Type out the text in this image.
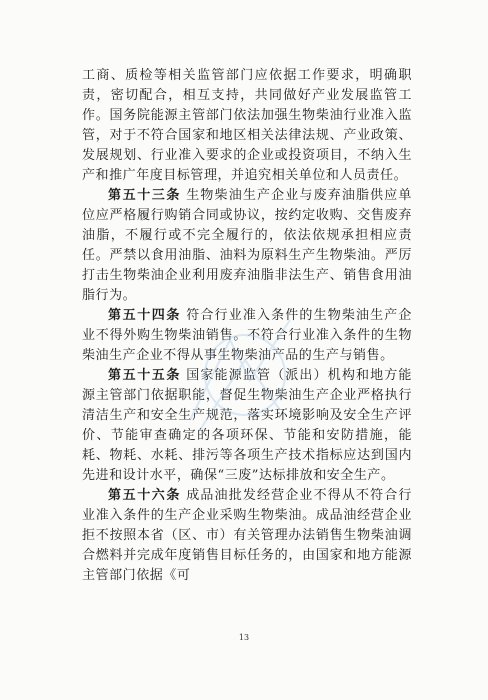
工商、质检等相关监管部门应依据工作要求，明确职责，密切配合，相互支持，共同做好产业发展监管工作。国务院能源主管部门依法加强生物柴油行业准入监管，对于不符合国家和地区相关法律法规、产业政策、发展规划、行业准入要求的企业或投资项目，不纳入生产和推广年度目标管理，并追究相关单位和人员责任。

第五十三条 生物柴油生产企业与废弃油脂供应单位应严格履行购销合同或协议，按约定收购、交售废弃油脂，不履行或不完全履行的，依法依规承担相应责任。严禁以食用油脂、油料为原料生产生物柴油。严厉打击生物柴油企业利用废弃油脂非法生产、销售食用油脂行为。

第五十四条 符合行业准入条件的生物柴油生产企业不得外购生物柴油销售。不符合行业准入条件的生物柴油生产企业不得从事生物柴油产品的生产与销售。

第五十五条 国家能源监管（派出）机构和地方能源主管部门依据职能，督促生物柴油生产企业严格执行清洁生产和安全生产规范，落实环境影响及安全生产评价、节能审查确定的各项环保、节能和安防措施，能耗、物耗、水耗、排污等各项生产技术指标应达到国内先进和设计水平，确保“三废”达标排放和安全生产。

第五十六条 成品油批发经营企业不得从不符合行业准入条件的生产企业采购生物柴油。成品油经营企业拒不按照本省（区、市）有关管理办法销售生物柴油调合燃料并完成年度销售目标任务的，由国家和地方能源主管部门依据《可

13
